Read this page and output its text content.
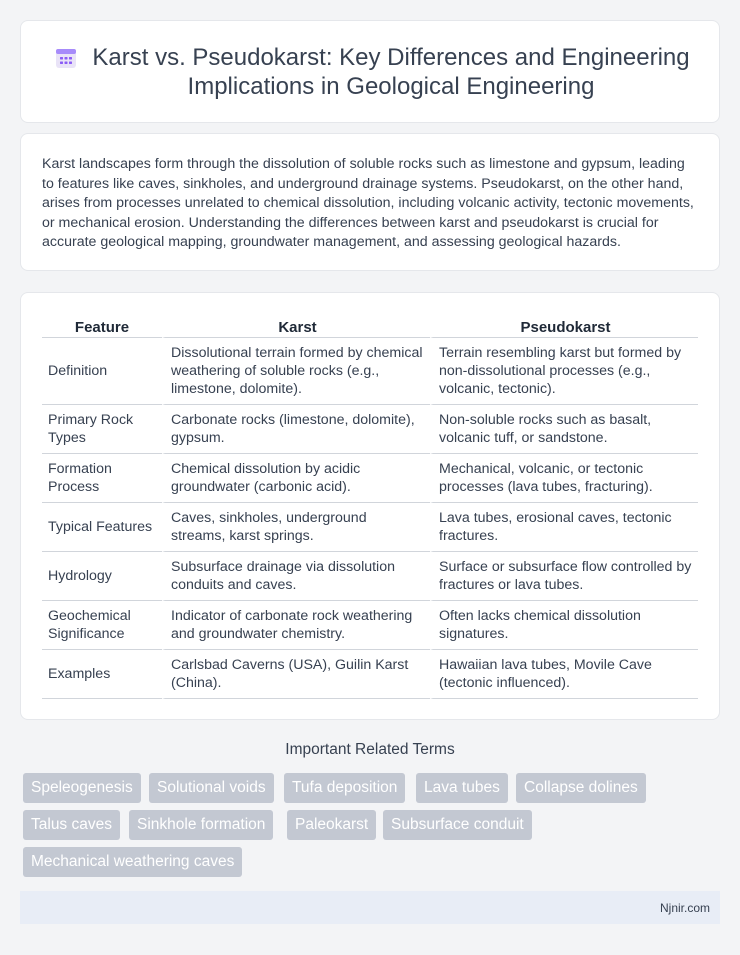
Karst vs. Pseudokarst: Key Differences and Engineering Implications in Geological Engineering

Karst landscapes form through the dissolution of soluble rocks such as limestone and gypsum, leading to features like caves, sinkholes, and underground drainage systems. Pseudokarst, on the other hand, arises from processes unrelated to chemical dissolution, including volcanic activity, tectonic movements, or mechanical erosion. Understanding the differences between karst and pseudokarst is crucial for accurate geological mapping, groundwater management, and assessing geological hazards.

Feature	Karst	Pseudokarst
Definition	Dissolutional terrain formed by chemical weathering of soluble rocks (e.g., limestone, dolomite).	Terrain resembling karst but formed by non-dissolutional processes (e.g., volcanic, tectonic).
Primary Rock Types	Carbonate rocks (limestone, dolomite), gypsum.	Non-soluble rocks such as basalt, volcanic tuff, or sandstone.
Formation Process	Chemical dissolution by acidic groundwater (carbonic acid).	Mechanical, volcanic, or tectonic processes (lava tubes, fracturing).
Typical Features	Caves, sinkholes, underground streams, karst springs.	Lava tubes, erosional caves, tectonic fractures.
Hydrology	Subsurface drainage via dissolution conduits and caves.	Surface or subsurface flow controlled by fractures or lava tubes.
Geochemical Significance	Indicator of carbonate rock weathering and groundwater chemistry.	Often lacks chemical dissolution signatures.
Examples	Carlsbad Caverns (USA), Guilin Karst (China).	Hawaiian lava tubes, Movile Cave (tectonic influenced).
Important Related Terms
Speleogenesis	Solutional voids	Tufa deposition	Lava tubes	Collapse dolines
Talus caves	Sinkhole formation	Paleokarst	Subsurface conduit
Mechanical weathering caves
Njnir.com
